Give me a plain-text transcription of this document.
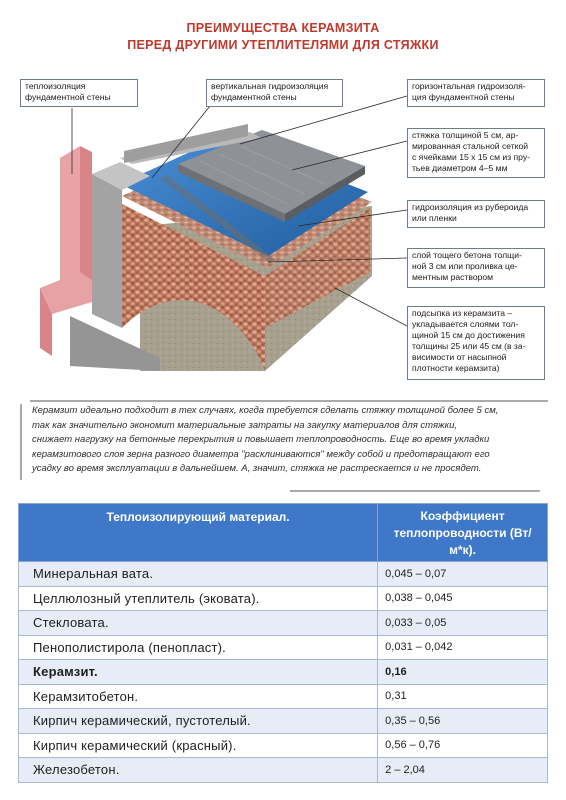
ПРЕИМУЩЕСТВА КЕРАМЗИТА
ПЕРЕД ДРУГИМИ УТЕПЛИТЕЛЯМИ ДЛЯ СТЯЖКИ
теплоизоляция
фундаментной стены
вертикальная гидроизоляция
фундаментной стены
горизонтальная гидроизоля-
ция фундаментной стены
стяжка толщиной 5 см, ар-
мированная стальной сеткой
с ячейками 15 х 15 см из пру-
тьев диаметром 4–5 мм
гидроизоляция из рубероида
или пленки
слой тощего бетона толщи-
ной 3 см или проливка це-
ментным раствором
подсыпка из керамзита –
укладывается слоями тол-
щиной 15 см до достижения
толщины 25 или 45 см (в за-
висимости от насыпной
плотности керамзита)
Керамзит идеально подходит в тех случаях, когда требуется сделать стяжку толщиной более 5 см,
так как значительно экономит материальные затраты на закупку материалов для стяжки,
снижает нагрузку на бетонные перекрытия и повышает теплопроводность. Еще во время укладки
керамзитового слоя зерна разного диаметра "расклиниваются" между собой и предотвращают его
усадку во время эксплуатации в дальнейшем. А, значит, стяжка не растрескается и не просядет.
Теплоизолирующий материал.	Коэффициент теплопроводности (Вт/м*к).
Минеральная вата.	0,045 – 0,07
Целлюлозный утеплитель (эковата).	0,038 – 0,045
Стекловата.	0,033 – 0,05
Пенополистирола (пенопласт).	0,031 – 0,042
Керамзит.	0,16
Керамзитобетон.	0,31
Кирпич керамический, пустотелый.	0,35 – 0,56
Кирпич керамический (красный).	0,56 – 0,76
Железобетон.	2 – 2,04
